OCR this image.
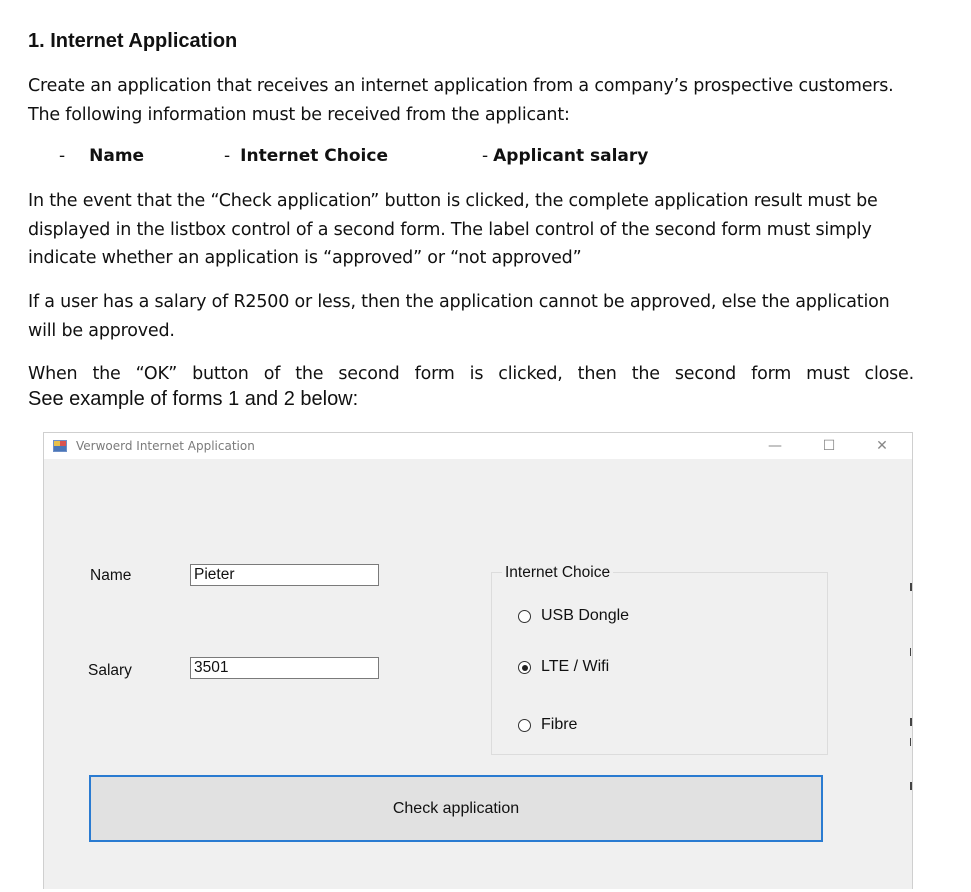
1. Internet Application
Create an application that receives an internet application from a company’s prospective customers. The following information must be received from the applicant:
- Name	- Internet Choice	- Applicant salary
In the event that the “Check application” button is clicked, the complete application result must be displayed in the listbox control of a second form. The label control of the second form must simply indicate whether an application is “approved” or “not approved”
If a user has a salary of R2500 or less, then the application cannot be approved, else the application will be approved.
When the “OK” button of the second form is clicked, then the second form must close.
See example of forms 1 and 2 below:
Verwoerd Internet Application	—	☐	✕
Name	Pieter
Salary	3501
Internet Choice
USB Dongle
LTE / Wifi
Fibre
Check application
